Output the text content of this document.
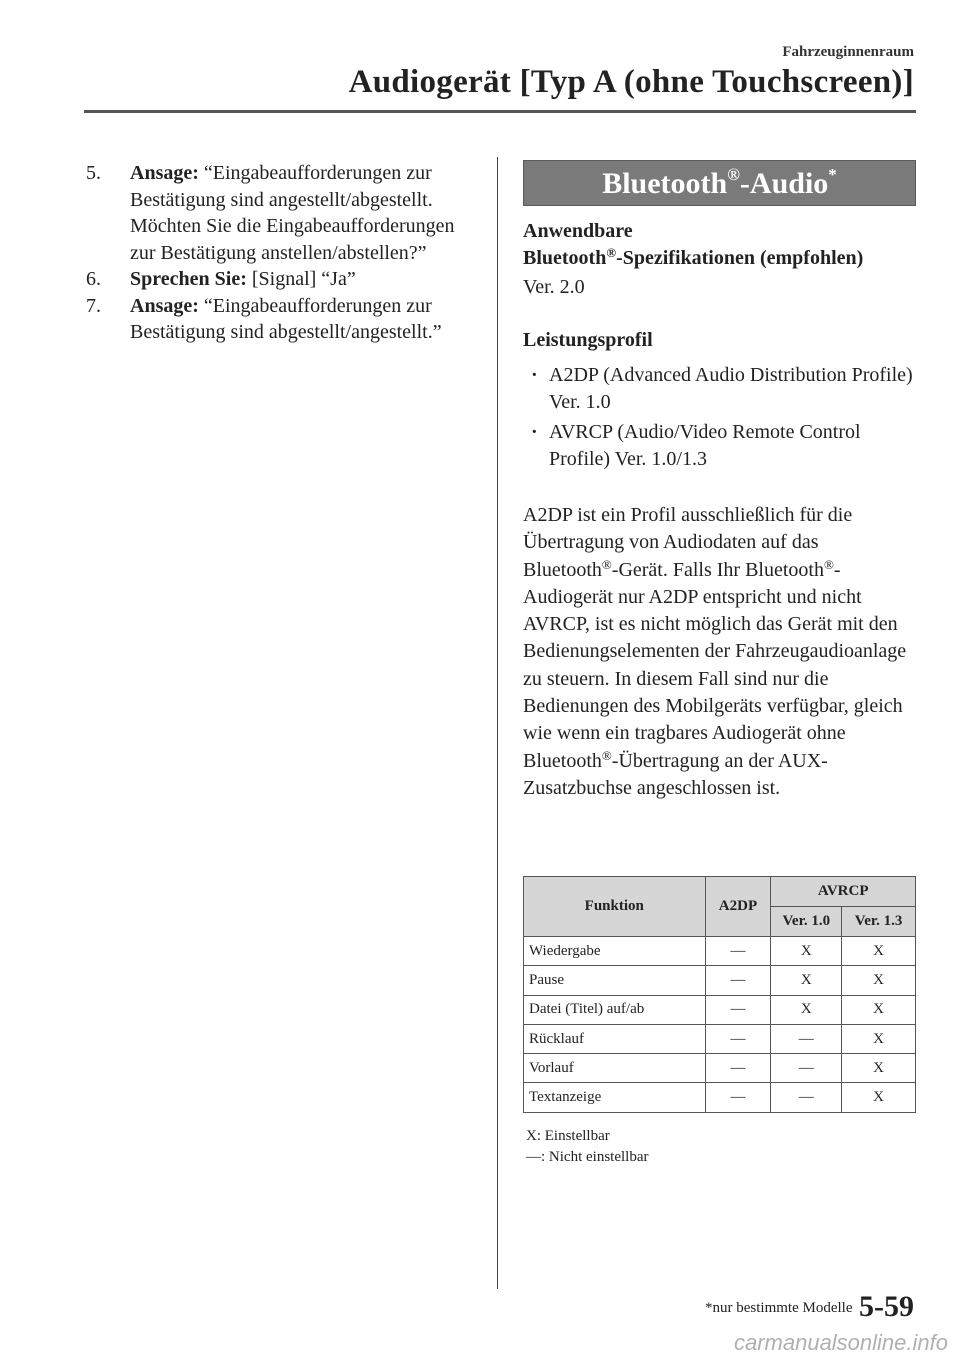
Fahrzeuginnenraum
Audiogerät [Typ A (ohne Touchscreen)]
5. Ansage: “Eingabeaufforderungen zur Bestätigung sind angestellt/abgestellt. Möchten Sie die Eingabeaufforderungen zur Bestätigung anstellen/abstellen?”
6. Sprechen Sie: [Signal] “Ja”
7. Ansage: “Eingabeaufforderungen zur Bestätigung sind abgestellt/angestellt.”
Bluetooth®-Audio*
Anwendbare
Bluetooth®-Spezifikationen (empfohlen)
Ver. 2.0
Leistungsprofil
· A2DP (Advanced Audio Distribution Profile) Ver. 1.0
· AVRCP (Audio/Video Remote Control Profile) Ver. 1.0/1.3
A2DP ist ein Profil ausschließlich für die Übertragung von Audiodaten auf das Bluetooth®-Gerät. Falls Ihr Bluetooth®-Audiogerät nur A2DP entspricht und nicht AVRCP, ist es nicht möglich das Gerät mit den Bedienungselementen der Fahrzeugaudioanlage zu steuern. In diesem Fall sind nur die Bedienungen des Mobilgeräts verfügbar, gleich wie wenn ein tragbares Audiogerät ohne Bluetooth®-Übertragung an der AUX-Zusatzbuchse angeschlossen ist.
Funktion	A2DP	AVRCP	
		Ver. 1.0	Ver. 1.3
Wiedergabe	—	X	X
Pause	—	X	X
Datei (Titel) auf/ab	—	X	X
Rücklauf	—	—	X
Vorlauf	—	—	X
Textanzeige	—	—	X
X: Einstellbar
—: Nicht einstellbar
*nur bestimmte Modelle 5-59
carmanualsonline.info
